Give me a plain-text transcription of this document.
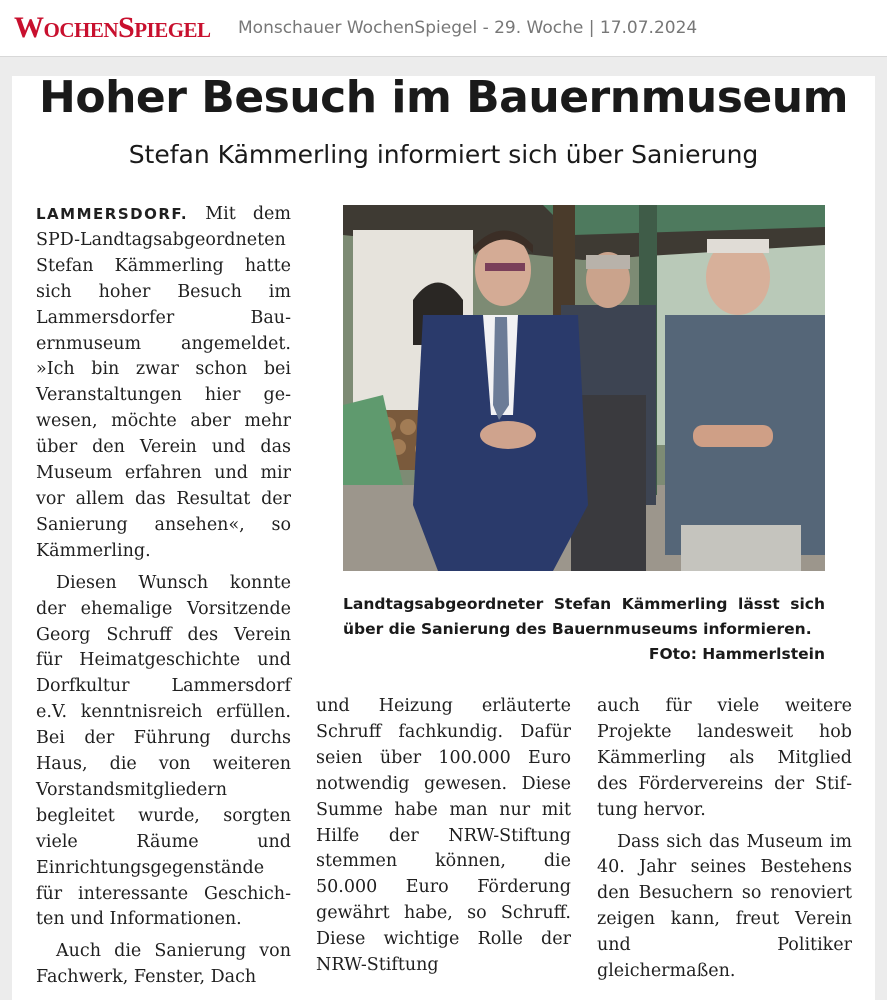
WochenSpiegel Monschauer WochenSpiegel - 29. Woche | 17.07.2024
Hoher Besuch im Bauernmuseum
Stefan Kämmerling informiert sich über Sanierung

LAMMERSDORF. Mit dem SPD-Landtagsabgeordneten Stefan Kämmerling hatte sich hoher Besuch im Lammersdorfer Bauernmuseum angemeldet. »Ich bin zwar schon bei Veranstaltungen hier gewesen, möchte aber mehr über den Verein und das Museum erfahren und mir vor allem das Resultat der Sanierung ansehen«, so Kämmerling.

Diesen Wunsch konnte der ehemalige Vorsitzende Georg Schruff des Verein für Heimatgeschichte und Dorfkultur Lammersdorf e.V. kenntnisreich erfüllen. Bei der Führung durchs Haus, die von weiteren Vorstandsmitgliedern begleitet wurde, sorgten viele Räume und Einrichtungsgegenstände für interessante Geschichten und Informationen.

Auch die Sanierung von Fachwerk, Fenster, Dach

Landtagsabgeordneter Stefan Kämmerling lässt sich über die Sanierung des Bauernmuseums informieren.
FOto: Hammerlstein

und Heizung erläuterte Schruff fachkundig. Dafür seien über 100.000 Euro notwendig gewesen. Diese Summe habe man nur mit Hilfe der NRW-Stiftung stemmen können, die 50.000 Euro Förderung gewährt habe, so Schruff. Diese wichtige Rolle der NRW-Stiftung

auch für viele weitere Projekte landesweit hob Kämmerling als Mitglied des Fördervereins der Stiftung hervor.

Dass sich das Museum im 40. Jahr seines Bestehens den Besuchern so renoviert zeigen kann, freut Verein und Politiker gleichermaßen.
